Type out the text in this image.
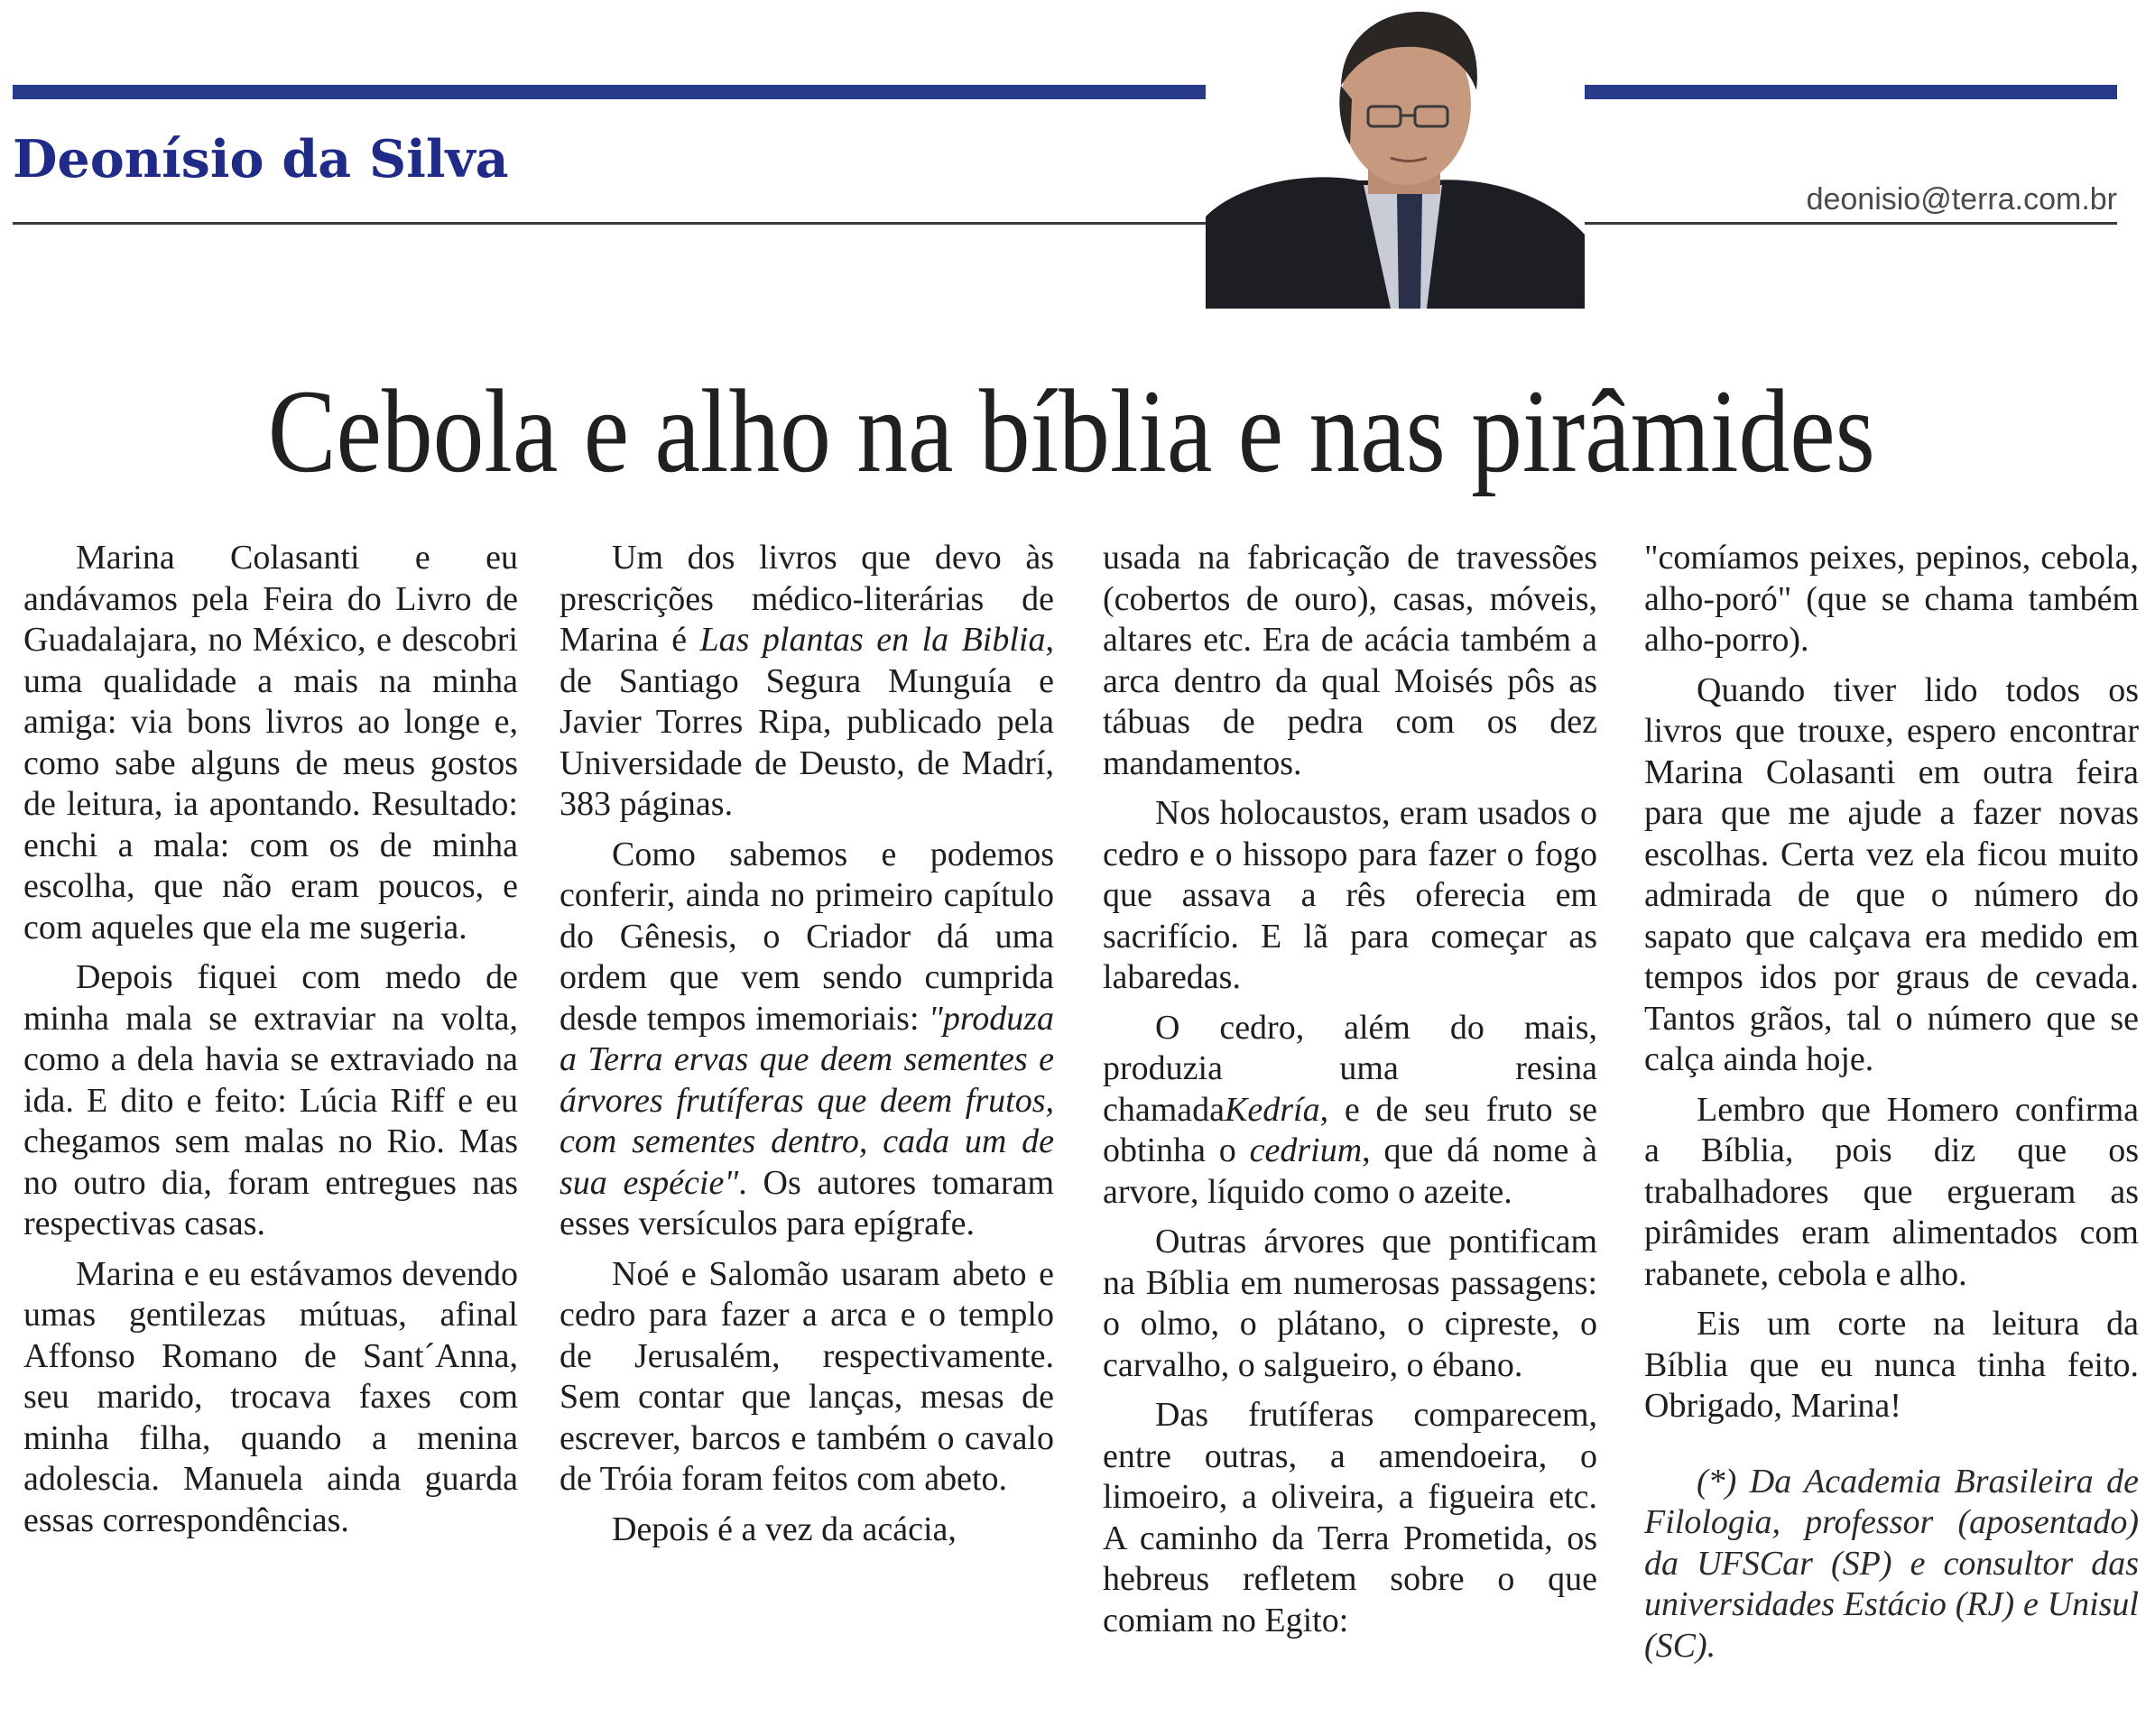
Deonísio da Silva
deonisio@terra.com.br
Cebola e alho na bíblia e nas pirâmides

Marina Colasanti e eu andávamos pela Feira do Livro de Guadalajara, no México, e descobri uma qualidade a mais na minha amiga: via bons livros ao longe e, como sabe alguns de meus gostos de leitura, ia apontando. Resultado: enchi a mala: com os de minha escolha, que não eram poucos, e com aqueles que ela me sugeria.

Depois fiquei com medo de minha mala se extraviar na volta, como a dela havia se extraviado na ida. E dito e feito: Lúcia Riff e eu chegamos sem malas no Rio. Mas no outro dia, foram entregues nas respectivas casas.

Marina e eu estávamos devendo umas gentilezas mútuas, afinal Affonso Romano de Sant´Anna, seu marido, trocava faxes com minha filha, quando a menina adolescia. Manuela ainda guarda essas correspondências.

Um dos livros que devo às prescrições médico-literárias de Marina é Las plantas en la Biblia, de Santiago Segura Munguía e Javier Torres Ripa, publicado pela Universidade de Deusto, de Madrí, 383 páginas.

Como sabemos e podemos conferir, ainda no primeiro capítulo do Gênesis, o Criador dá uma ordem que vem sendo cumprida desde tempos imemoriais: "produza a Terra ervas que deem sementes e árvores frutíferas que deem frutos, com sementes dentro, cada um de sua espécie". Os autores tomaram esses versículos para epígrafe.

Noé e Salomão usaram abeto e cedro para fazer a arca e o templo de Jerusalém, respectivamente. Sem contar que lanças, mesas de escrever, barcos e também o cavalo de Tróia foram feitos com abeto.

Depois é a vez da acácia,

usada na fabricação de travessões (cobertos de ouro), casas, móveis, altares etc. Era de acácia também a arca dentro da qual Moisés pôs as tábuas de pedra com os dez mandamentos.

Nos holocaustos, eram usados o cedro e o hissopo para fazer o fogo que assava a rês oferecia em sacrifício. E lã para começar as labaredas.

O cedro, além do mais, produzia uma resina chamadaKedría, e de seu fruto se obtinha o cedrium, que dá nome à arvore, líquido como o azeite.

Outras árvores que pontificam na Bíblia em numerosas passagens: o olmo, o plátano, o cipreste, o carvalho, o salgueiro, o ébano.

Das frutíferas comparecem, entre outras, a amendoeira, o limoeiro, a oliveira, a figueira etc. A caminho da Terra Prometida, os hebreus refletem sobre o que comiam no Egito:

"comíamos peixes, pepinos, cebola, alho-poró" (que se chama também alho-porro).

Quando tiver lido todos os livros que trouxe, espero encontrar Marina Colasanti em outra feira para que me ajude a fazer novas escolhas. Certa vez ela ficou muito admirada de que o número do sapato que calçava era medido em tempos idos por graus de cevada. Tantos grãos, tal o número que se calça ainda hoje.

Lembro que Homero confirma a Bíblia, pois diz que os trabalhadores que ergueram as pirâmides eram alimentados com rabanete, cebola e alho.

Eis um corte na leitura da Bíblia que eu nunca tinha feito. Obrigado, Marina!

(*) Da Academia Brasileira de Filologia, professor (aposentado) da UFSCar (SP) e consultor das universidades Estácio (RJ) e Unisul (SC).
